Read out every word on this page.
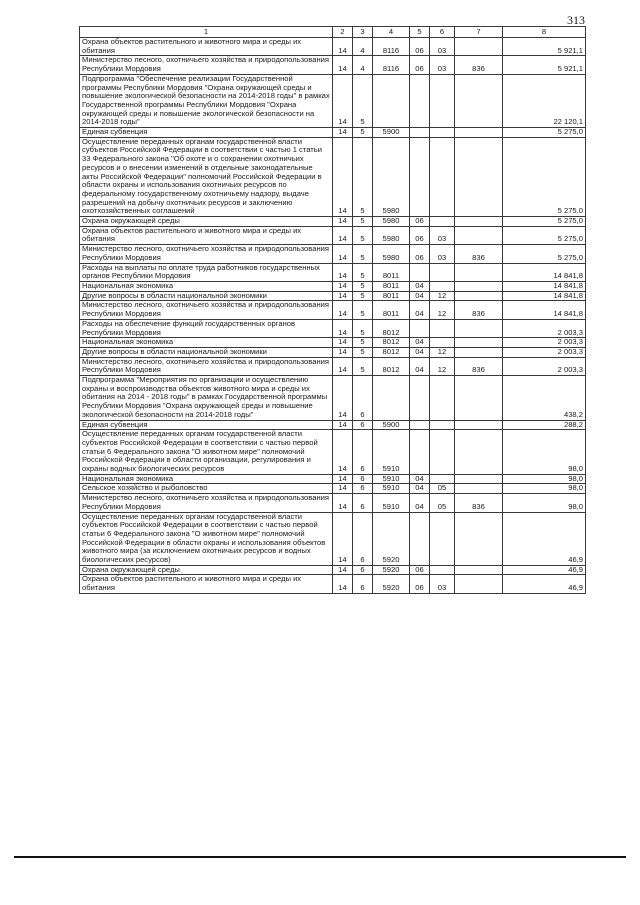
313
1	2	3	4	5	6	7	8
Охрана объектов растительного и животного мира и среды их обитания	14	4	8116	06	03		5 921,1
Министерство лесного, охотничьего хозяйства и природопользования Республики Мордовия	14	4	8116	06	03	836	5 921,1
Подпрограмма "Обеспечение реализации Государственной программы Республики Мордовия "Охрана окружающей среды и повышение экологической безопасности на 2014-2018 годы" в рамках Государственной программы Республики Мордовия "Охрана окружающей среды и повышение экологической безопасности на 2014-2018 годы"	14	5					22 120,1
Единая субвенция	14	5	5900				5 275,0
Осуществление переданных органам государственной власти субъектов Российской Федерации в соответствии с частью 1 статьи 33 Федерального закона "Об охоте и о сохранении охотничьих ресурсов и о внесении изменений в отдельные законодательные акты Российской Федерации" полномочий Российской Федерации в области охраны и использования охотничьих ресурсов по федеральному государственному охотничьему надзору, выдаче разрешений на добычу охотничьих ресурсов и заключению охотхозяйственных соглашений	14	5	5980				5 275,0
Охрана окружающей среды	14	5	5980	06			5 275,0
Охрана объектов растительного и животного мира и среды их обитания	14	5	5980	06	03		5 275,0
Министерство лесного, охотничьего хозяйства и природопользования Республики Мордовия	14	5	5980	06	03	836	5 275,0
Расходы на выплаты по оплате труда работников государственных органов Республики Мордовия	14	5	8011				14 841,8
Национальная экономика	14	5	8011	04			14 841,8
Другие вопросы в области национальной экономики	14	5	8011	04	12		14 841,8
Министерство лесного, охотничьего хозяйства и природопользования Республики Мордовия	14	5	8011	04	12	836	14 841,8
Расходы на обеспечение функций государственных органов Республики Мордовия	14	5	8012				2 003,3
Национальная экономика	14	5	8012	04			2 003,3
Другие вопросы в области национальной экономики	14	5	8012	04	12		2 003,3
Министерство лесного, охотничьего хозяйства и природопользования Республики Мордовия	14	5	8012	04	12	836	2 003,3
Подпрограмма "Мероприятия по организации и осуществлению охраны и воспроизводства объектов животного мира и среды их обитания на 2014 - 2018 годы" в рамках Государственной программы Республики Мордовия "Охрана окружающей среды и повышение экологической безопасности на 2014-2018 годы"	14	6					438,2
Единая субвенция	14	6	5900				288,2
Осуществление переданных органам государственной власти субъектов Российской Федерации в соответствии с частью первой статьи 6 Федерального закона "О животном мире" полномочий Российской Федерации в области организации, регулирования и охраны водных биологических ресурсов	14	6	5910				98,0
Национальная экономика	14	6	5910	04			98,0
Сельское хозяйство и рыболовство	14	6	5910	04	05		98,0
Министерство лесного, охотничьего хозяйства и природопользования Республики Мордовия	14	6	5910	04	05	836	98,0
Осуществление переданных органам государственной власти субъектов Российской Федерации в соответствии с частью первой статьи 6 Федерального закона "О животном мире" полномочий Российской Федерации в области охраны и использования объектов животного мира (за исключением охотничьих ресурсов и водных биологических ресурсов)	14	6	5920				46,9
Охрана окружающей среды	14	6	5920	06			46,9
Охрана объектов растительного и животного мира и среды их обитания	14	6	5920	06	03		46,9
